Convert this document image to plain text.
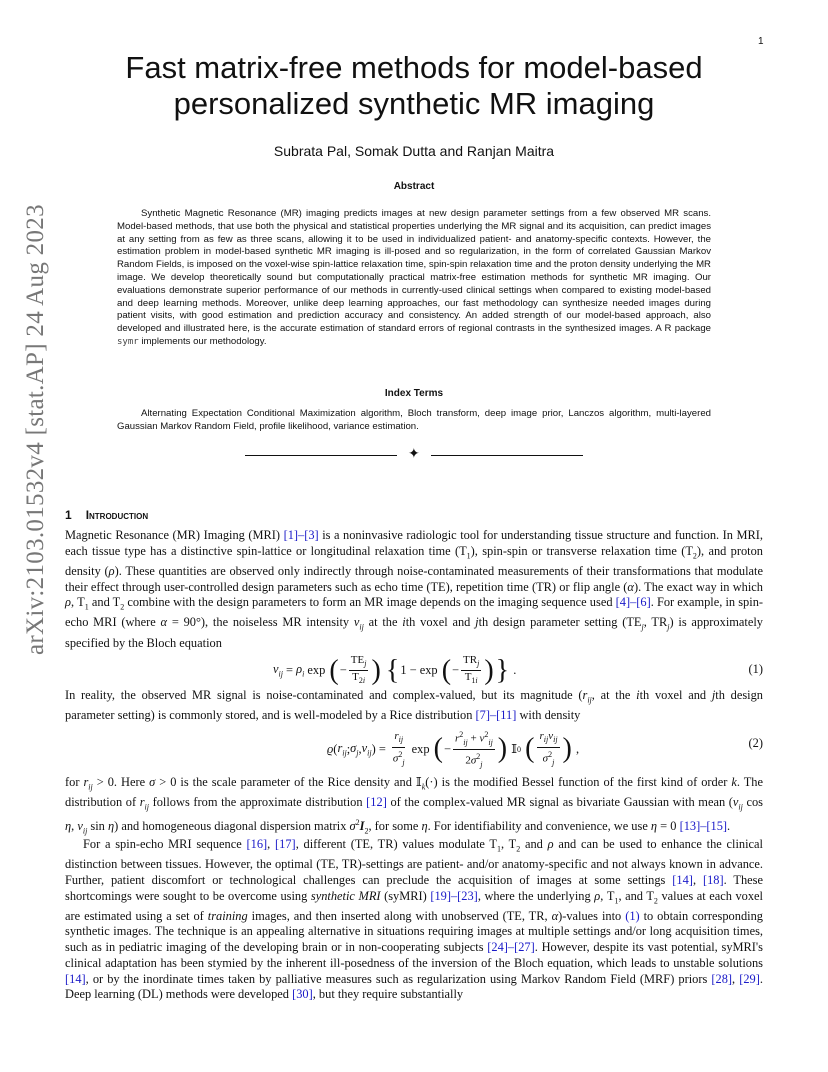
1
arXiv:2103.01532v4 [stat.AP] 24 Aug 2023
Fast matrix-free methods for model-based
personalized synthetic MR imaging
Subrata Pal, Somak Dutta and Ranjan Maitra
Abstract
Synthetic Magnetic Resonance (MR) imaging predicts images at new design parameter settings from a few observed MR scans. Model-based methods, that use both the physical and statistical properties underlying the MR signal and its acquisition, can predict images at any setting from as few as three scans, allowing it to be used in individualized patient- and anatomy-specific contexts. However, the estimation problem in model-based synthetic MR imaging is ill-posed and so regularization, in the form of correlated Gaussian Markov Random Fields, is imposed on the voxel-wise spin-lattice relaxation time, spin-spin relaxation time and the proton density underlying the MR image. We develop theoretically sound but computationally practical matrix-free estimation methods for synthetic MR imaging. Our evaluations demonstrate superior performance of our methods in currently-used clinical settings when compared to existing model-based and deep learning methods. Moreover, unlike deep learning approaches, our fast methodology can synthesize needed images during patient visits, with good estimation and prediction accuracy and consistency. An added strength of our model-based approach, also developed and illustrated here, is the accurate estimation of standard errors of regional contrasts in the synthesized images. A R package symr implements our methodology.
Index Terms
Alternating Expectation Conditional Maximization algorithm, Bloch transform, deep image prior, Lanczos algorithm, multi-layered Gaussian Markov Random Field, profile likelihood, variance estimation.
✦
1 Introduction
Magnetic Resonance (MR) Imaging (MRI) [1]–[3] is a noninvasive radiologic tool for understanding tissue structure and function. In MRI, each tissue type has a distinctive spin-lattice or longitudinal relaxation time $(T_1)$, spin-spin or transverse relaxation time $(T_2)$, and proton density (ρ). These quantities are observed only indirectly through noise-contaminated measurements of their transformations that modulate their effect through user-controlled design parameters such as echo time (TE), repetition time (TR) or flip angle (α). The exact way in which ρ, $T_1$ and $T_2$ combine with the design parameters to form an MR image depends on the imaging sequence used [4]–[6]. For example, in spin-echo MRI (where α = 90°), the noiseless MR intensity $\nu_{ij}$ at the ith voxel and jth design parameter setting ($TE_j$, $TR_j$) is approximately specified by the Bloch equation
$\nu_{ij} = \rho_i$ exp ( − $\frac{TE_j}{T_{2i}}$ )
{ 1 − exp ( − $\frac{TR_j}{T_{1i}}$ ) } .	(1)
In reality, the observed MR signal is noise-contaminated and complex-valued, but its magnitude ($r_{ij}$, at the ith voxel and jth design parameter setting) is commonly stored, and is well-modeled by a Rice distribution [7]–[11] with density
ϱ ( $r_{ij}$ ; $\sigma_j$ , $\nu_{ij}$ ) = $\frac{r_{ij}}{\sigma^2_j}$ exp ( − $\frac{r^2_{ij} + \nu^2_{ij}}{2\sigma^2_j}$ ) 𝕀 0
( $\frac{r_{ij}\nu_{ij}}{\sigma^2_j}$ ) ,	(2)
for $r_{ij} > 0$. Here σ > 0 is the scale parameter of the Rice density and 𝕀$_k$(·) is the modified Bessel function of the first kind of order k. The distribution of $r_{ij}$ follows from the approximate distribution [12] of the complex-valued MR signal as bivariate Gaussian with mean ($\nu_{ij}$ cos η, $\nu_{ij}$ sin η) and homogeneous diagonal dispersion matrix $\sigma^2I_2$, for some η. For identifiability and convenience, we use η = 0 [13]–[15].
For a spin-echo MRI sequence [16], [17], different (TE, TR) values modulate $T_1$, $T_2$ and ρ and can be used to enhance the clinical distinction between tissues. However, the optimal (TE, TR)-settings are patient- and/or anatomy-specific and not always known in advance. Further, patient discomfort or technological challenges can preclude the acquisition of images at some settings [14], [18]. These shortcomings were sought to be overcome using synthetic MRI (syMRI) [19]–[23], where the underlying ρ, $T_1$, and $T_2$ values at each voxel are estimated using a set of training images, and then inserted along with unobserved (TE, TR, α)-values into (1) to obtain corresponding synthetic images. The technique is an appealing alternative in situations requiring images at multiple settings and/or long acquisition times, such as in pediatric imaging of the developing brain or in non-cooperating subjects [24]–[27]. However, despite its vast potential, syMRI's clinical adaptation has been stymied by the inherent ill-posedness of the inversion of the Bloch equation, which leads to unstable solutions [14], or by the inordinate times taken by palliative measures such as regularization using Markov Random Field (MRF) priors [28], [29]. Deep learning (DL) methods were developed [30], but they require substantially
